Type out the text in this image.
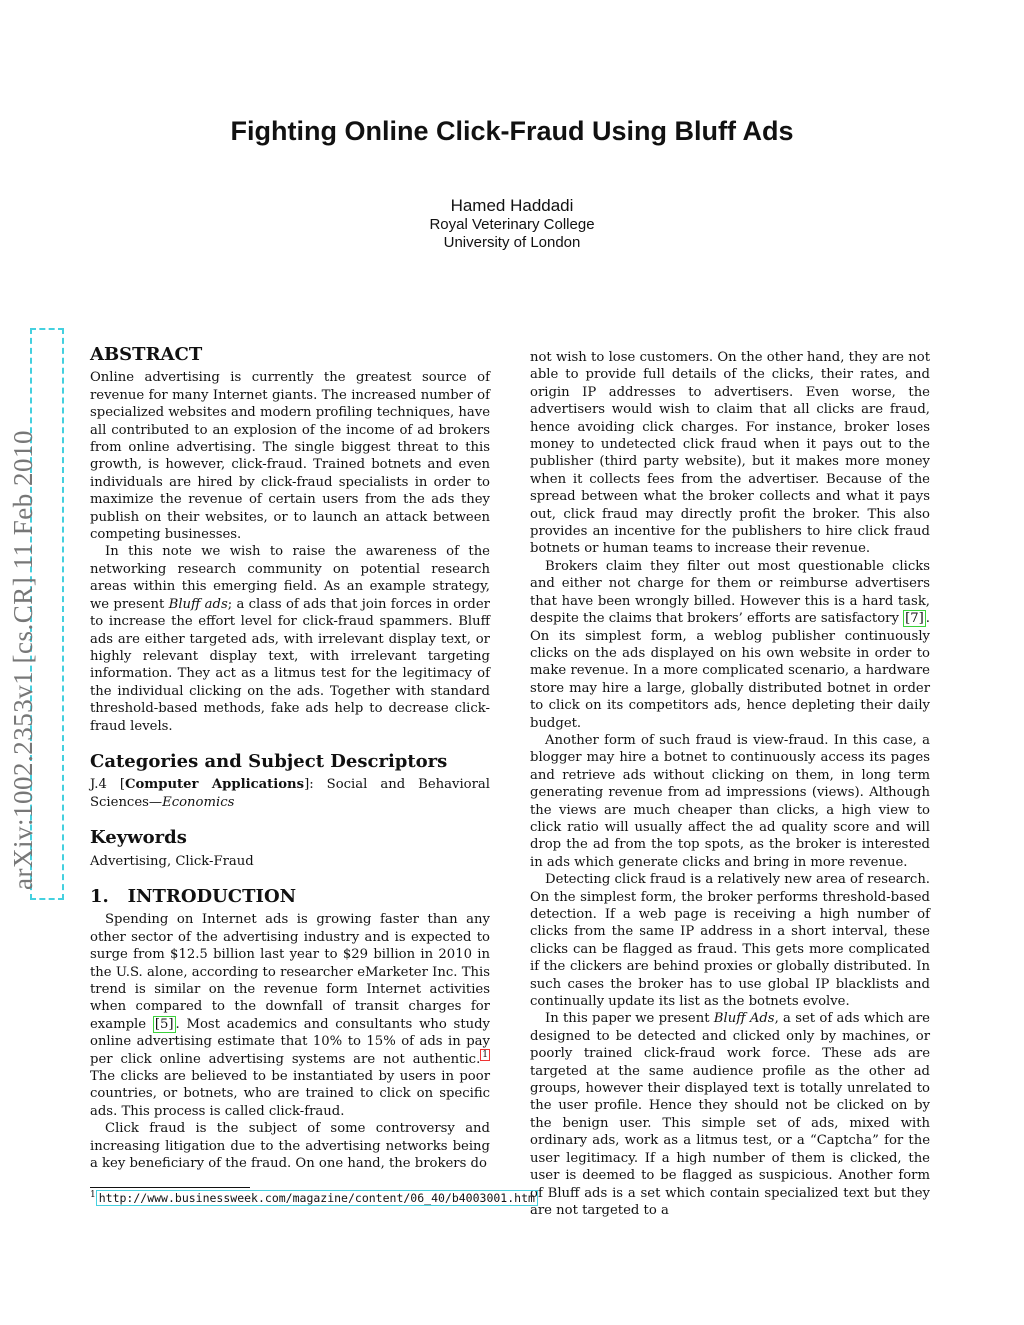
Fighting Online Click-Fraud Using Bluff Ads
Hamed Haddadi
Royal Veterinary College
University of London
arXiv:1002.2353v1 [cs.CR] 11 Feb 2010
ABSTRACT

Online advertising is currently the greatest source of revenue for many Internet giants. The increased number of specialized websites and modern profiling techniques, have all contributed to an explosion of the income of ad brokers from online advertising. The single biggest threat to this growth, is however, click-fraud. Trained botnets and even individuals are hired by click-fraud specialists in order to maximize the revenue of certain users from the ads they publish on their websites, or to launch an attack between competing businesses.

In this note we wish to raise the awareness of the networking research community on potential research areas within this emerging field. As an example strategy, we present Bluff ads; a class of ads that join forces in order to increase the effort level for click-fraud spammers. Bluff ads are either targeted ads, with irrelevant display text, or highly relevant display text, with irrelevant targeting information. They act as a litmus test for the legitimacy of the individual clicking on the ads. Together with standard threshold-based methods, fake ads help to decrease click-fraud levels.

Categories and Subject Descriptors

J.4 [Computer Applications]: Social and Behavioral Sciences—Economics

Keywords

Advertising, Click-Fraud

1.   INTRODUCTION

Spending on Internet ads is growing faster than any other sector of the advertising industry and is expected to surge from $12.5 billion last year to $29 billion in 2010 in the U.S. alone, according to researcher eMarketer Inc. This trend is similar on the revenue form Internet activities when compared to the downfall of transit charges for example [5] . Most academics and consultants who study online advertising estimate that 10% to 15% of ads in pay per click online advertising systems are not authentic. $^1$ The clicks are believed to be instantiated by users in poor countries, or botnets, who are trained to click on specific ads. This process is called click-fraud.

Click fraud is the subject of some controversy and increasing litigation due to the advertising networks being a key beneficiary of the fraud. On one hand, the brokers do

not wish to lose customers. On the other hand, they are not able to provide full details of the clicks, their rates, and origin IP addresses to advertisers. Even worse, the advertisers would wish to claim that all clicks are fraud, hence avoiding click charges. For instance, broker loses money to undetected click fraud when it pays out to the publisher (third party website), but it makes more money when it collects fees from the advertiser. Because of the spread between what the broker collects and what it pays out, click fraud may directly profit the broker. This also provides an incentive for the publishers to hire click fraud botnets or human teams to increase their revenue.

Brokers claim they filter out most questionable clicks and either not charge for them or reimburse advertisers that have been wrongly billed. However this is a hard task, despite the claims that brokers’ efforts are satisfactory [7] . On its simplest form, a weblog publisher continuously clicks on the ads displayed on his own website in order to make revenue. In a more complicated scenario, a hardware store may hire a large, globally distributed botnet in order to click on its competitors ads, hence depleting their daily budget.

Another form of such fraud is view-fraud. In this case, a blogger may hire a botnet to continuously access its pages and retrieve ads without clicking on them, in long term generating revenue from ad impressions (views). Although the views are much cheaper than clicks, a high view to click ratio will usually affect the ad quality score and will drop the ad from the top spots, as the broker is interested in ads which generate clicks and bring in more revenue.

Detecting click fraud is a relatively new area of research. On the simplest form, the broker performs threshold-based detection. If a web page is receiving a high number of clicks from the same IP address in a short interval, these clicks can be flagged as fraud. This gets more complicated if the clickers are behind proxies or globally distributed. In such cases the broker has to use global IP blacklists and continually update its list as the botnets evolve.

In this paper we present Bluff Ads, a set of ads which are designed to be detected and clicked only by machines, or poorly trained click-fraud work force. These ads are targeted at the same audience profile as the other ad groups, however their displayed text is totally unrelated to the user profile. Hence they should not be clicked on by the benign user. This simple set of ads, mixed with ordinary ads, work as a litmus test, or a “Captcha” for the user legitimacy. If a high number of them is clicked, the user is deemed to be flagged as suspicious. Another form of Bluff ads is a set which contain specialized text but they are not targeted to a

$^1$ http://www.businessweek.com/magazine/content/06_40/b4003001.htm
